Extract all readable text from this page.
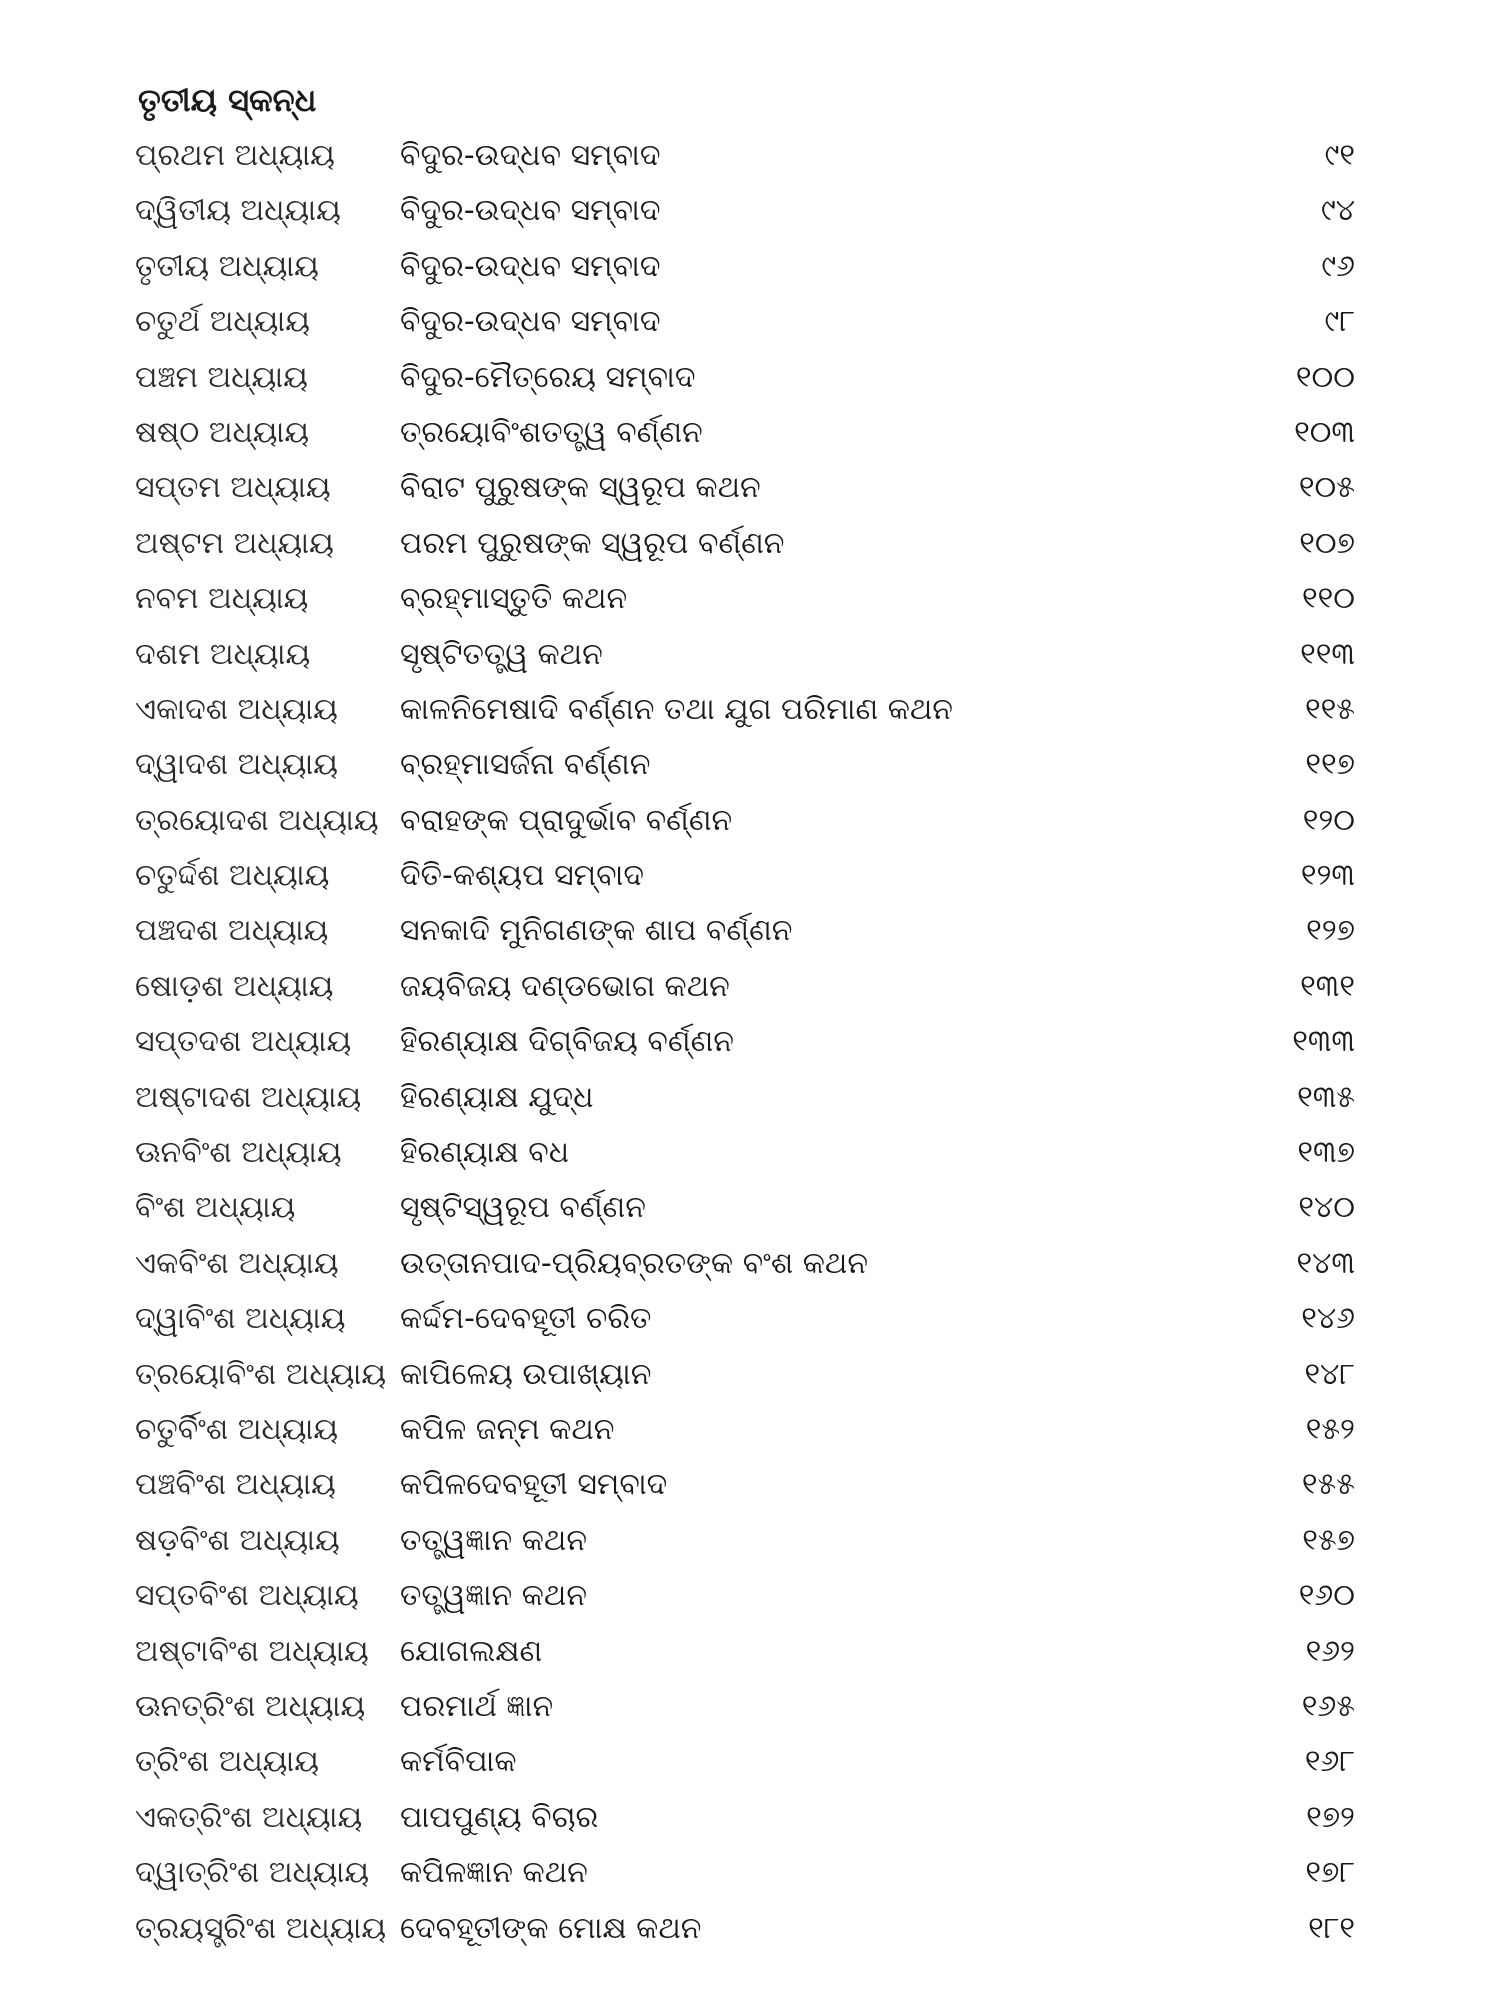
ତୃତୀୟ ସ୍କନ୍ଧ
ପ୍ରଥମ ଅଧ୍ୟାୟ ବିଦୁର-ଉଦ୍ଧବ ସମ୍ବାଦ	୯୧
ଦ୍ୱିତୀୟ ଅଧ୍ୟାୟ ବିଦୁର-ଉଦ୍ଧବ ସମ୍ବାଦ	୯୪
ତୃତୀୟ ଅଧ୍ୟାୟ	ବିଦୁର-ଉଦ୍ଧବ ସମ୍ବାଦ	୯୬
ଚତୁର୍ଥ ଅଧ୍ୟାୟ	ବିଦୁର-ଉଦ୍ଧବ ସମ୍ବାଦ	୯୮
ପଞ୍ଚମ ଅଧ୍ୟାୟ	ବିଦୁର-ମୈତ୍ରେୟ ସମ୍ବାଦ	୧୦୦
ଷଷ୍ଠ ଅଧ୍ୟାୟ	ତ୍ରୟୋବିଂଶତତ୍ତ୍ୱ ବର୍ଣ୍ଣନ	୧୦୩
ସପ୍ତମ ଅଧ୍ୟାୟ ବିରାଟ ପୁରୁଷଙ୍କ ସ୍ୱରୂପ କଥନ	୧୦୫
ଅଷ୍ଟମ ଅଧ୍ୟାୟ ପରମ ପୁରୁଷଙ୍କ ସ୍ୱରୂପ ବର୍ଣ୍ଣନ	୧୦୭
ନବମ ଅଧ୍ୟାୟ	ବ୍ରହ୍ମାସ୍ତୁତି କଥନ	୧୧୦
ଦଶମ ଅଧ୍ୟାୟ	ସୃଷ୍ଟିତତ୍ତ୍ୱ କଥନ	୧୧୩
ଏକାଦଶ ଅଧ୍ୟାୟ କାଳନିମେଷାଦି ବର୍ଣ୍ଣନ ତଥା ଯୁଗ ପରିମାଣ କଥନ	୧୧୫
ଦ୍ୱାଦଶ ଅଧ୍ୟାୟ ବ୍ରହ୍ମାସର୍ଜନା ବର୍ଣ୍ଣନ	୧୧୭
ତ୍ରୟୋଦଶ ଅଧ୍ୟାୟ ବରାହଙ୍କ ପ୍ରାଦୁର୍ଭାବ ବର୍ଣ୍ଣନ	୧୨୦
ଚତୁର୍ଦ୍ଦଶ ଅଧ୍ୟାୟ ଦିତି-କଶ୍ୟପ ସମ୍ବାଦ	୧୨୩
ପଞ୍ଚଦଶ ଅଧ୍ୟାୟ ସନକାଦି ମୁନିଗଣଙ୍କ ଶାପ ବର୍ଣ୍ଣନ	୧୨୭
ଷୋଡ଼ଶ ଅଧ୍ୟାୟ ଜୟବିଜୟ ଦଣ୍ଡଭୋଗ କଥନ	୧୩୧
ସପ୍ତଦଶ ଅଧ୍ୟାୟ ହିରଣ୍ୟାକ୍ଷ ଦିଗ୍‌ବିଜୟ ବର୍ଣ୍ଣନ	୧୩୩
ଅଷ୍ଟାଦଶ ଅଧ୍ୟାୟ ହିରଣ୍ୟାକ୍ଷ ଯୁଦ୍ଧ	୧୩୫
ଊନବିଂଶ ଅଧ୍ୟାୟ ହିରଣ୍ୟାକ୍ଷ ବଧ	୧୩୭
ବିଂଶ ଅଧ୍ୟାୟ	ସୃଷ୍ଟିସ୍ୱରୂପ ବର୍ଣ୍ଣନ	୧୪୦
ଏକବିଂଶ ଅଧ୍ୟାୟ ଉତ୍ତାନପାଦ-ପ୍ରିୟବ୍ରତଙ୍କ ବଂଶ କଥନ	୧୪୩
ଦ୍ୱାବିଂଶ ଅଧ୍ୟାୟ କର୍ଦ୍ଦମ-ଦେବହୂତୀ ଚରିତ	୧୪୬
ତ୍ରୟୋବିଂଶ ଅଧ୍ୟାୟ କାପିଳେୟ ଉପାଖ୍ୟାନ	୧୪୮
ଚତୁର୍ବିଂଶ ଅଧ୍ୟାୟ କପିଳ ଜନ୍ମ କଥନ	୧୫୨
ପଞ୍ଚବିଂଶ ଅଧ୍ୟାୟ କପିଳଦେବହୂତୀ ସମ୍ବାଦ	୧୫୫
ଷଡ଼ବିଂଶ ଅଧ୍ୟାୟ ତତ୍ତ୍ୱଜ୍ଞାନ କଥନ	୧୫୭
ସପ୍ତବିଂଶ ଅଧ୍ୟାୟ ତତ୍ତ୍ୱଜ୍ଞାନ କଥନ	୧୬୦
ଅଷ୍ଟାବିଂଶ ଅଧ୍ୟାୟ ଯୋଗଲକ୍ଷଣ	୧୬୨
ଊନତ୍ରିଂଶ ଅଧ୍ୟାୟ ପରମାର୍ଥ ଜ୍ଞାନ	୧୬୫
ତ୍ରିଂଶ ଅଧ୍ୟାୟ	କର୍ମବିପାକ	୧୬୮
ଏକତ୍ରିଂଶ ଅଧ୍ୟାୟ ପାପପୁଣ୍ୟ ବିଚାର	୧୭୨
ଦ୍ୱାତ୍ରିଂଶ ଅଧ୍ୟାୟ କପିଳଜ୍ଞାନ କଥନ	୧୭୮
ତ୍ରୟସ୍ତ୍ରିଂଶ ଅଧ୍ୟାୟ ଦେବହୂତୀଙ୍କ ମୋକ୍ଷ କଥନ	୧୮୧
